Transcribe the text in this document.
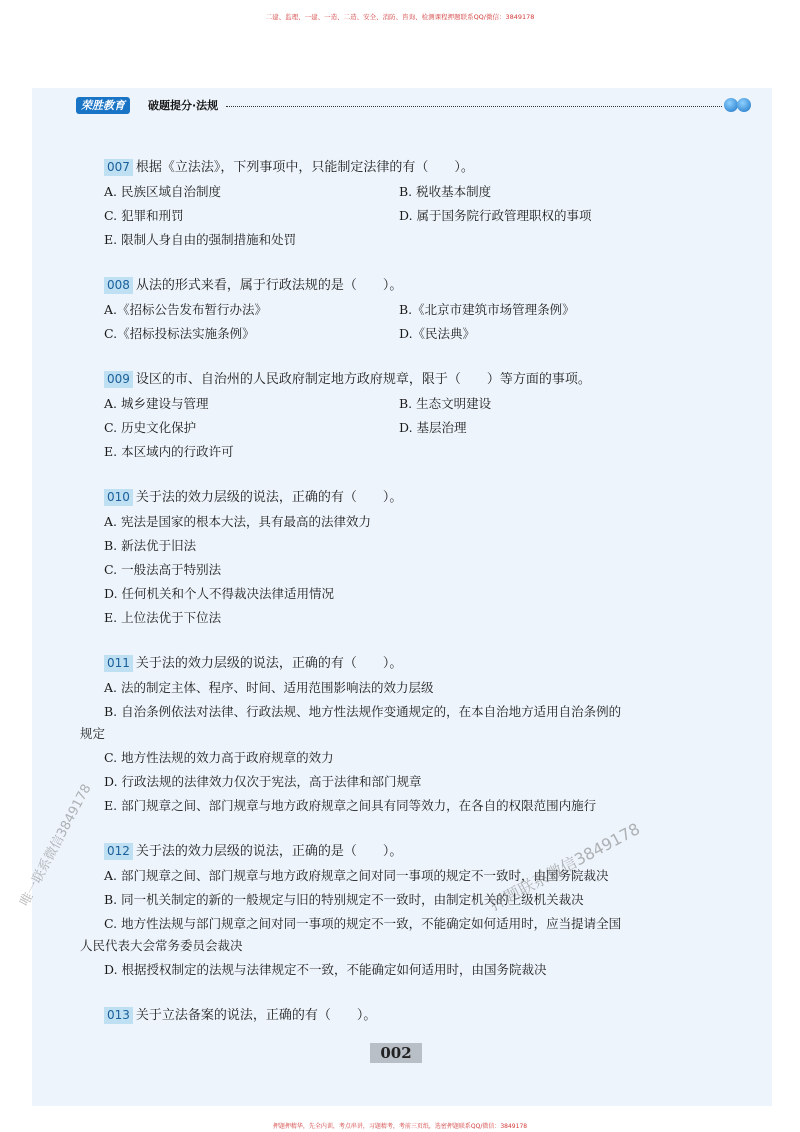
二建、监理、一建、一造、二造、安全、消防、咨询、检测课程押题联系QQ/微信：3849178
荣胜教育	破题提分·法规
007 根据《立法法》，下列事项中，只能制定法律的有（　　）。
A. 民族区域自治制度	B. 税收基本制度
C. 犯罪和刑罚	D. 属于国务院行政管理职权的事项
E. 限制人身自由的强制措施和处罚
008 从法的形式来看，属于行政法规的是（　　）。
A.《招标公告发布暂行办法》	B.《北京市建筑市场管理条例》
C.《招标投标法实施条例》	D.《民法典》
009 设区的市、自治州的人民政府制定地方政府规章，限于（　　）等方面的事项。
A. 城乡建设与管理	B. 生态文明建设
C. 历史文化保护	D. 基层治理
E. 本区域内的行政许可
010 关于法的效力层级的说法，正确的有（　　）。
A. 宪法是国家的根本大法，具有最高的法律效力
B. 新法优于旧法
C. 一般法高于特别法
D. 任何机关和个人不得裁决法律适用情况
E. 上位法优于下位法
011 关于法的效力层级的说法，正确的有（　　）。
A. 法的制定主体、程序、时间、适用范围影响法的效力层级
B. 自治条例依法对法律、行政法规、地方性法规作变通规定的，在本自治地方适用自治条例的
规定
C. 地方性法规的效力高于政府规章的效力
D. 行政法规的法律效力仅次于宪法，高于法律和部门规章
E. 部门规章之间、部门规章与地方政府规章之间具有同等效力，在各自的权限范围内施行
012 关于法的效力层级的说法，正确的是（　　）。
A. 部门规章之间、部门规章与地方政府规章之间对同一事项的规定不一致时，由国务院裁决
B. 同一机关制定的新的一般规定与旧的特别规定不一致时，由制定机关的上级机关裁决
C. 地方性法规与部门规章之间对同一事项的规定不一致，不能确定如何适用时，应当提请全国
人民代表大会常务委员会裁决
D. 根据授权制定的法规与法律规定不一致，不能确定如何适用时，由国务院裁决
013 关于立法备案的说法，正确的有（　　）。
002
唯一联系微信3849178	押题联系微信3849178
押题押精华，先全内训，考点串讲，习题精考，考前三页纸，选密押题联系QQ/微信：3849178
